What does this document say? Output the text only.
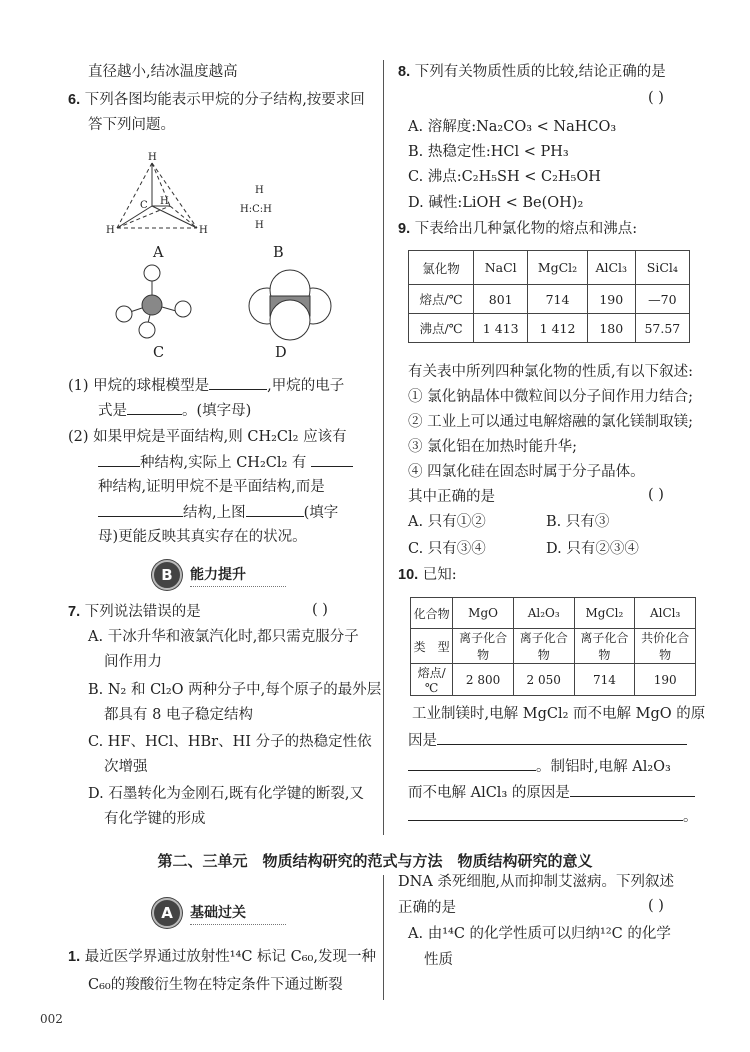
直径越小,结冰温度越高
6. 下列各图均能表示甲烷的分子结构,按要求回
答下列问题。
H
C H
H	H
H
H:C:H
H
A	B
C	D
(1) 甲烷的球棍模型是	,甲烷的电子
式是	。(填字母)
(2) 如果甲烷是平面结构,则 CH₂Cl₂ 应该有
种结构,实际上 CH₂Cl₂ 有
种结构,证明甲烷不是平面结构,而是
结构,上图	(填字
母)更能反映其真实存在的状况。
B	能力提升
7. 下列说法错误的是	( )
A. 干冰升华和液氯汽化时,都只需克服分子
间作用力
B. N₂ 和 Cl₂O 两种分子中,每个原子的最外层
都具有 8 电子稳定结构
C. HF、HCl、HBr、HI 分子的热稳定性依
次增强
D. 石墨转化为金刚石,既有化学键的断裂,又
有化学键的形成
8. 下列有关物质性质的比较,结论正确的是
( )
A. 溶解度:Na₂CO₃ < NaHCO₃
B. 热稳定性:HCl < PH₃
C. 沸点:C₂H₅SH < C₂H₅OH
D. 碱性:LiOH < Be(OH)₂
9. 下表给出几种氯化物的熔点和沸点:
氯化物	NaCl	MgCl₂	AlCl₃	SiCl₄
熔点/℃	801	714	190	—70
沸点/℃	1 413	1 412	180	57.57
有关表中所列四种氯化物的性质,有以下叙述:
① 氯化钠晶体中微粒间以分子间作用力结合;
② 工业上可以通过电解熔融的氯化镁制取镁;
③ 氯化铝在加热时能升华;
④ 四氯化硅在固态时属于分子晶体。
其中正确的是	( )
A. 只有①②	B. 只有③
C. 只有③④	D. 只有②③④
10. 已知:
化合物	MgO	Al₂O₃	MgCl₂	AlCl₃
类　型	离子化合物	离子化合物	离子化合物	共价化合物
熔点/℃	2 800	2 050	714	190
工业制镁时,电解 MgCl₂ 而不电解 MgO 的原
因是
。制铝时,电解 Al₂O₃
而不电解 AlCl₃ 的原因是
。
第二、三单元　物质结构研究的范式与方法　物质结构研究的意义
A	基础过关
1. 最近医学界通过放射性¹⁴C 标记 C₆₀,发现一种
C₆₀的羧酸衍生物在特定条件下通过断裂
DNA 杀死细胞,从而抑制艾滋病。下列叙述
正确的是	( )
A. 由¹⁴C 的化学性质可以归纳¹²C 的化学
性质
002
